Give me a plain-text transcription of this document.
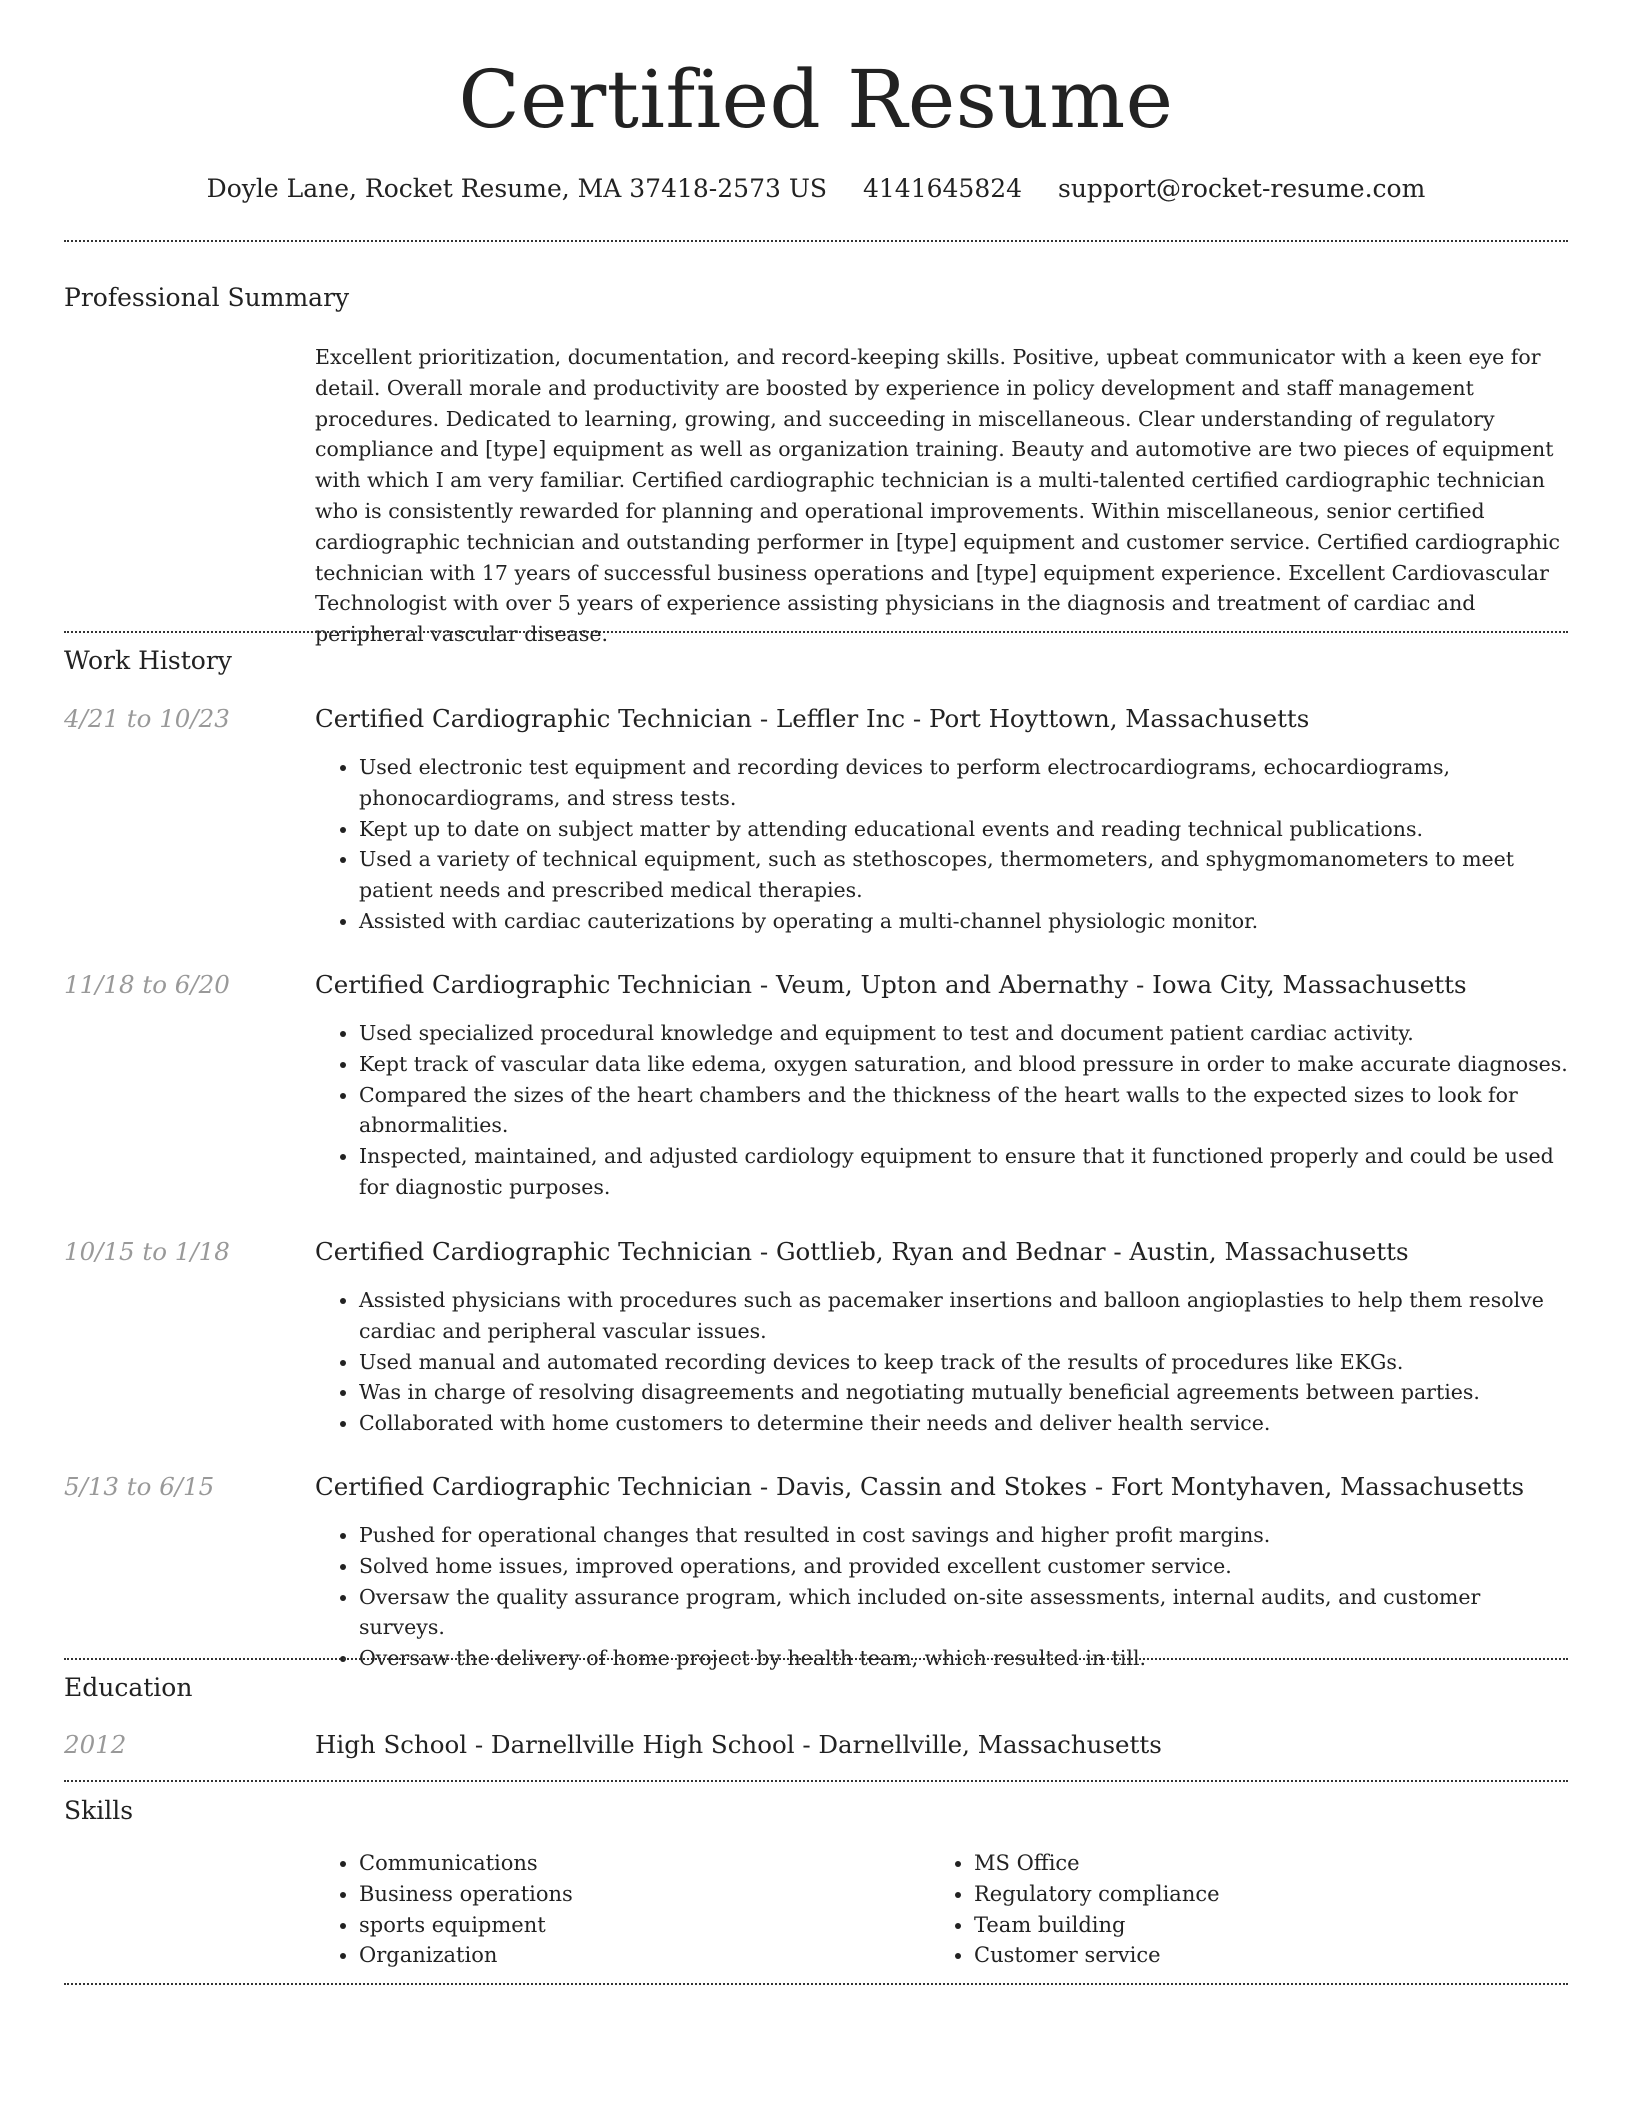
Certified Resume
Doyle Lane, Rocket Resume, MA 37418-2573 US 4141645824 support@rocket-resume.com
Professional Summary

Excellent prioritization, documentation, and record-keeping skills. Positive, upbeat communicator with a keen eye for detail. Overall morale and productivity are boosted by experience in policy development and staff management procedures. Dedicated to learning, growing, and succeeding in miscellaneous. Clear understanding of regulatory compliance and [type] equipment as well as organization training. Beauty and automotive are two pieces of equipment with which I am very familiar. Certified cardiographic technician is a multi-talented certified cardiographic technician who is consistently rewarded for planning and operational improvements. Within miscellaneous, senior certified cardiographic technician and outstanding performer in [type] equipment and customer service. Certified cardiographic technician with 17 years of successful business operations and [type] equipment experience. Excellent Cardiovascular Technologist with over 5 years of experience assisting physicians in the diagnosis and treatment of cardiac and peripheral vascular disease.

Work History
4/21 to 10/23	Certified Cardiographic Technician - Leffler Inc - Port Hoyttown, Massachusetts
• Used electronic test equipment and recording devices to perform electrocardiograms, echocardiograms, phonocardiograms, and stress tests.
• Kept up to date on subject matter by attending educational events and reading technical publications.
• Used a variety of technical equipment, such as stethoscopes, thermometers, and sphygmomanometers to meet patient needs and prescribed medical therapies.
• Assisted with cardiac cauterizations by operating a multi-channel physiologic monitor.
11/18 to 6/20	Certified Cardiographic Technician - Veum, Upton and Abernathy - Iowa City, Massachusetts
• Used specialized procedural knowledge and equipment to test and document patient cardiac activity.
• Kept track of vascular data like edema, oxygen saturation, and blood pressure in order to make accurate diagnoses.
• Compared the sizes of the heart chambers and the thickness of the heart walls to the expected sizes to look for abnormalities.
• Inspected, maintained, and adjusted cardiology equipment to ensure that it functioned properly and could be used for diagnostic purposes.
10/15 to 1/18	Certified Cardiographic Technician - Gottlieb, Ryan and Bednar - Austin, Massachusetts
• Assisted physicians with procedures such as pacemaker insertions and balloon angioplasties to help them resolve cardiac and peripheral vascular issues.
• Used manual and automated recording devices to keep track of the results of procedures like EKGs.
• Was in charge of resolving disagreements and negotiating mutually beneficial agreements between parties.
• Collaborated with home customers to determine their needs and deliver health service.
5/13 to 6/15	Certified Cardiographic Technician - Davis, Cassin and Stokes - Fort Montyhaven, Massachusetts
• Pushed for operational changes that resulted in cost savings and higher profit margins.
• Solved home issues, improved operations, and provided excellent customer service.
• Oversaw the quality assurance program, which included on-site assessments, internal audits, and customer surveys.
• Oversaw the delivery of home project by health team, which resulted in till.
Education
2012	High School - Darnellville High School - Darnellville, Massachusetts
Skills
• Communications
• Business operations
• sports equipment
• Organization
• MS Office
• Regulatory compliance
• Team building
• Customer service
